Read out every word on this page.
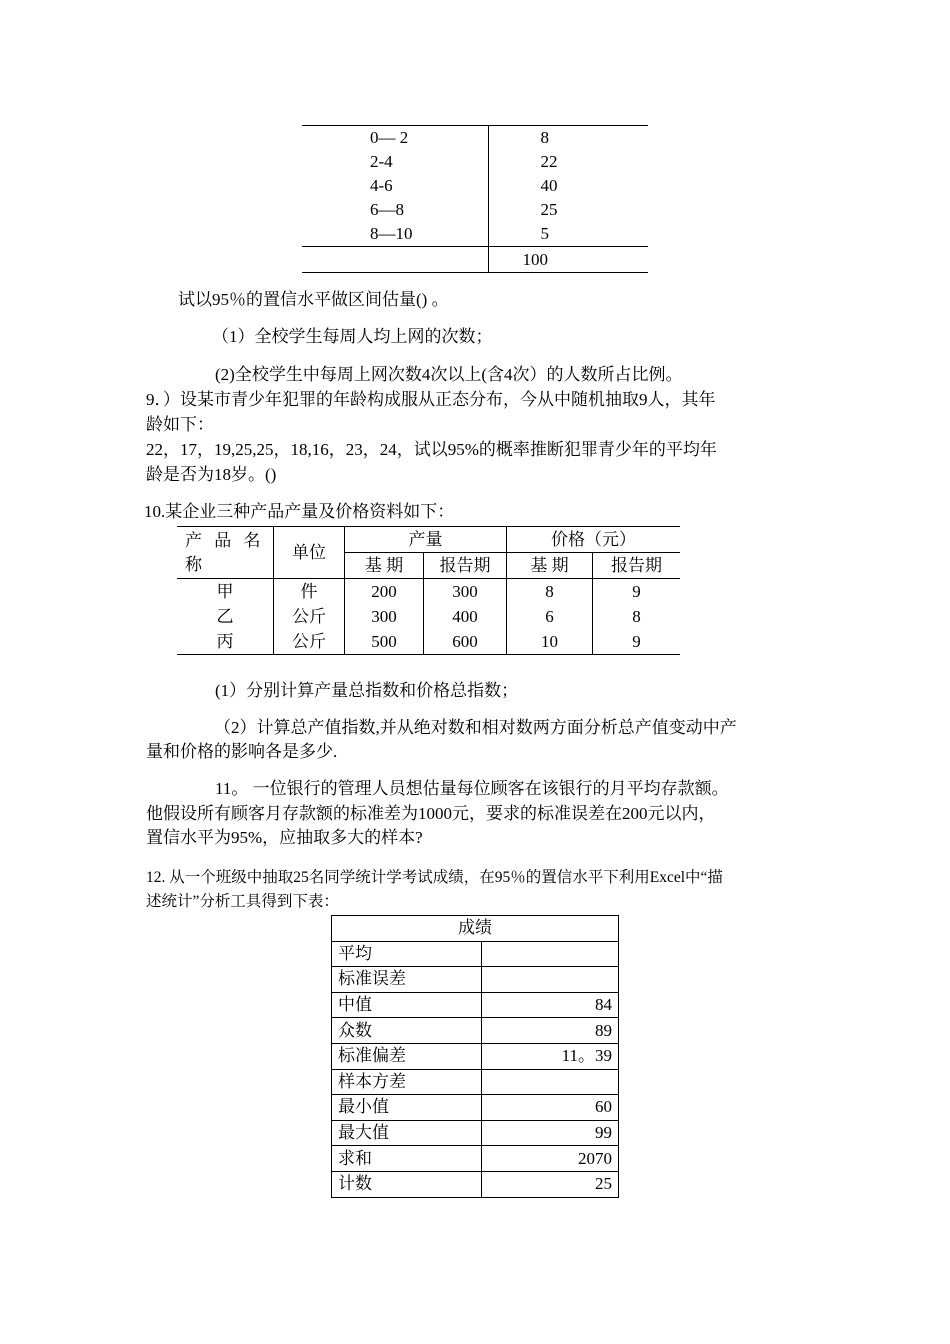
0— 2	8
2-4	22
4-6	40
6—8	25
8—10	5
	100
试以95％的置信水平做区间估量() 。
（1）全校学生每周人均上网的次数；
(2)全校学生中每周上网次数4次以上(含4次）的人数所占比例。
9．）设某市青少年犯罪的年龄构成服从正态分布，今从中随机抽取9人，其年
龄如下：
22，17，19,25,25，18,16，23，24，试以95%的概率推断犯罪青少年的平均年
龄是否为18岁。()
10.某企业三种产品产量及价格资料如下：
产 品 名 称	单位	产量		价格（元）	
		基 期	报告期	基 期	报告期
甲	件	200	300	8	9
乙	公斤	300	400	6	8
丙	公斤	500	600	10	9
(1）分别计算产量总指数和价格总指数；
（2）计算总产值指数,并从绝对数和相对数两方面分析总产值变动中产
量和价格的影响各是多少.
11。 一位银行的管理人员想估量每位顾客在该银行的月平均存款额。
他假设所有顾客月存款额的标准差为1000元，要求的标准误差在200元以内，
置信水平为95%，应抽取多大的样本?
12. 从一个班级中抽取25名同学统计学考试成绩，在95％的置信水平下利用Excel中“描
述统计”分析工具得到下表：
成绩	
平均	
标准误差	
中值	84
众数	89
标准偏差	11。39
样本方差	
最小值	60
最大值	99
求和	2070
计数	25
